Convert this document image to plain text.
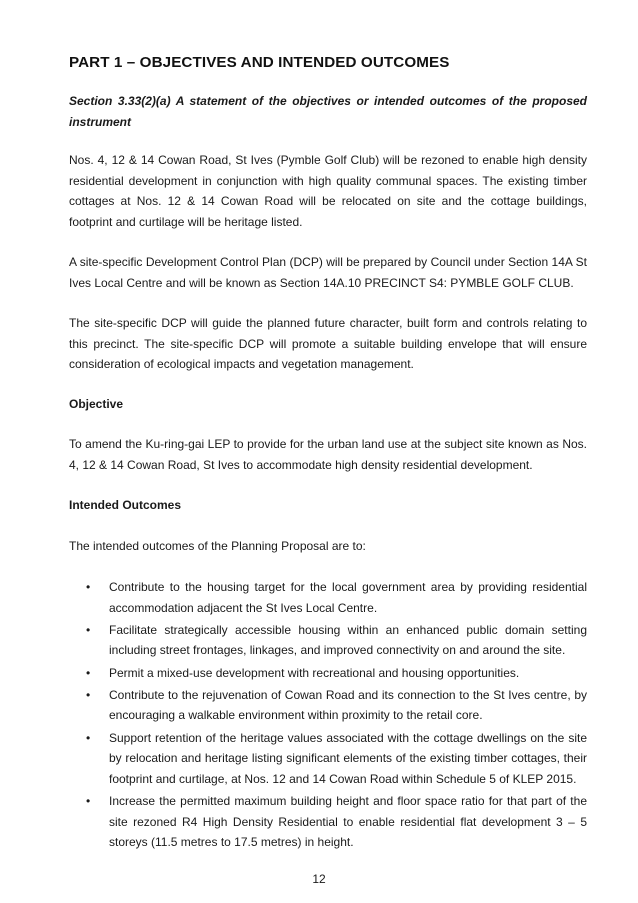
PART 1 – OBJECTIVES AND INTENDED OUTCOMES

Section 3.33(2)(a) A statement of the objectives or intended outcomes of the proposed instrument

Nos. 4, 12 & 14 Cowan Road, St Ives (Pymble Golf Club) will be rezoned to enable high density residential development in conjunction with high quality communal spaces. The existing timber cottages at Nos. 12 & 14 Cowan Road will be relocated on site and the cottage buildings, footprint and curtilage will be heritage listed.

A site-specific Development Control Plan (DCP) will be prepared by Council under Section 14A St Ives Local Centre and will be known as Section 14A.10 PRECINCT S4: PYMBLE GOLF CLUB.

The site-specific DCP will guide the planned future character, built form and controls relating to this precinct. The site-specific DCP will promote a suitable building envelope that will ensure consideration of ecological impacts and vegetation management.

Objective

To amend the Ku-ring-gai LEP to provide for the urban land use at the subject site known as Nos. 4, 12 & 14 Cowan Road, St Ives to accommodate high density residential development.

Intended Outcomes

The intended outcomes of the Planning Proposal are to:

• Contribute to the housing target for the local government area by providing residential accommodation adjacent the St Ives Local Centre.
• Facilitate strategically accessible housing within an enhanced public domain setting including street frontages, linkages, and improved connectivity on and around the site.
• Permit a mixed-use development with recreational and housing opportunities.
• Contribute to the rejuvenation of Cowan Road and its connection to the St Ives centre, by encouraging a walkable environment within proximity to the retail core.
• Support retention of the heritage values associated with the cottage dwellings on the site by relocation and heritage listing significant elements of the existing timber cottages, their footprint and curtilage, at Nos. 12 and 14 Cowan Road within Schedule 5 of KLEP 2015.
• Increase the permitted maximum building height and floor space ratio for that part of the site rezoned R4 High Density Residential to enable residential flat development 3 – 5 storeys (11.5 metres to 17.5 metres) in height.

12
